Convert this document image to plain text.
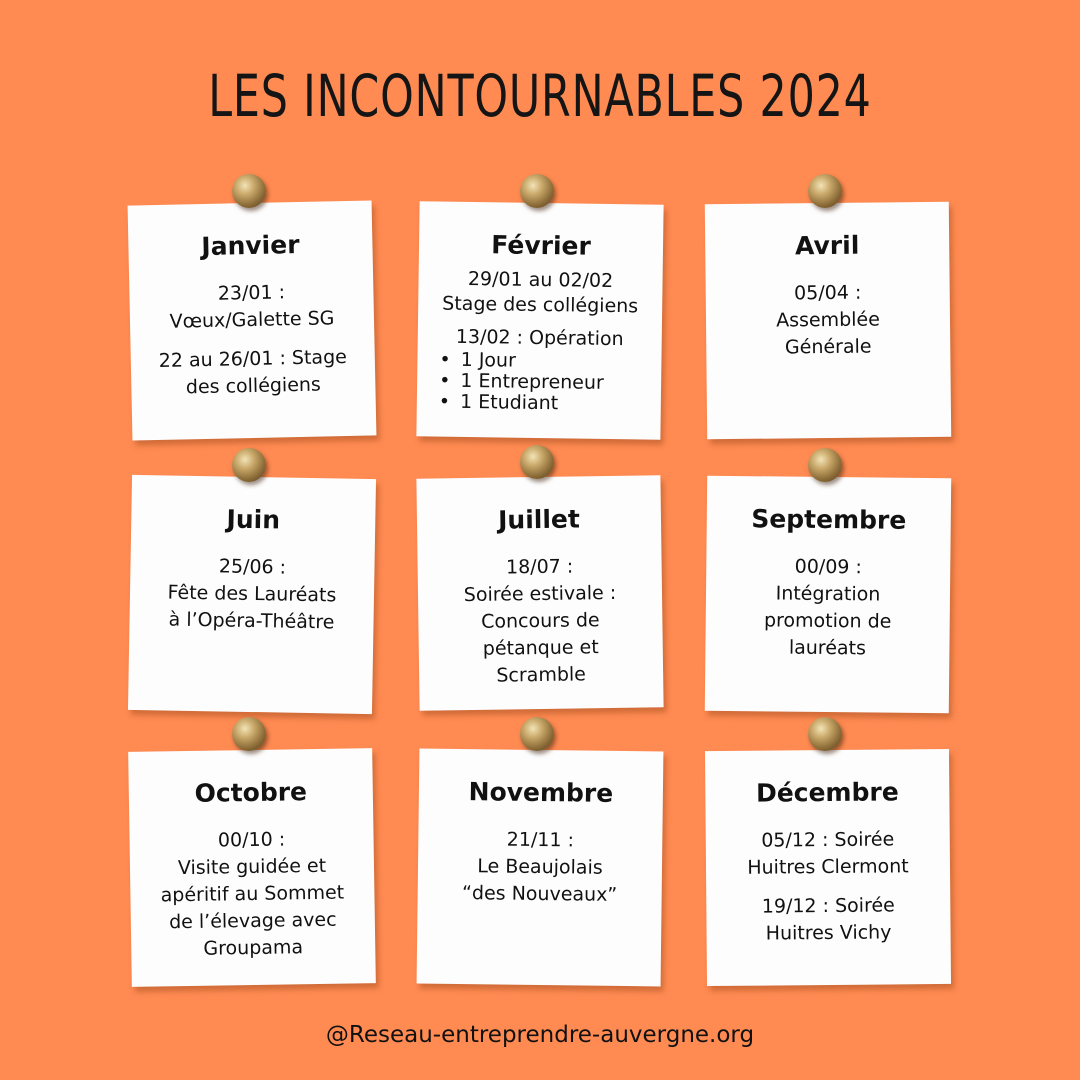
LES INCONTOURNABLES 2024
Janvier
23/01 :
Vœux/Galette SG
22 au 26/01 : Stage
des collégiens
Février
29/01 au 02/02
Stage des collégiens
13/02 : Opération
• 1 Jour
• 1 Entrepreneur
• 1 Etudiant
Avril
05/04 :
Assemblée
Générale
Juin
25/06 :
Fête des Lauréats
à l’Opéra-Théâtre
Juillet
18/07 :
Soirée estivale :
Concours de
pétanque et
Scramble
Septembre
00/09 :
Intégration
promotion de
lauréats
Octobre
00/10 :
Visite guidée et
apéritif au Sommet
de l’élevage avec
Groupama
Novembre
21/11 :
Le Beaujolais
“des Nouveaux”
Décembre
05/12 : Soirée
Huitres Clermont
19/12 : Soirée
Huitres Vichy
@Reseau-entreprendre-auvergne.org
